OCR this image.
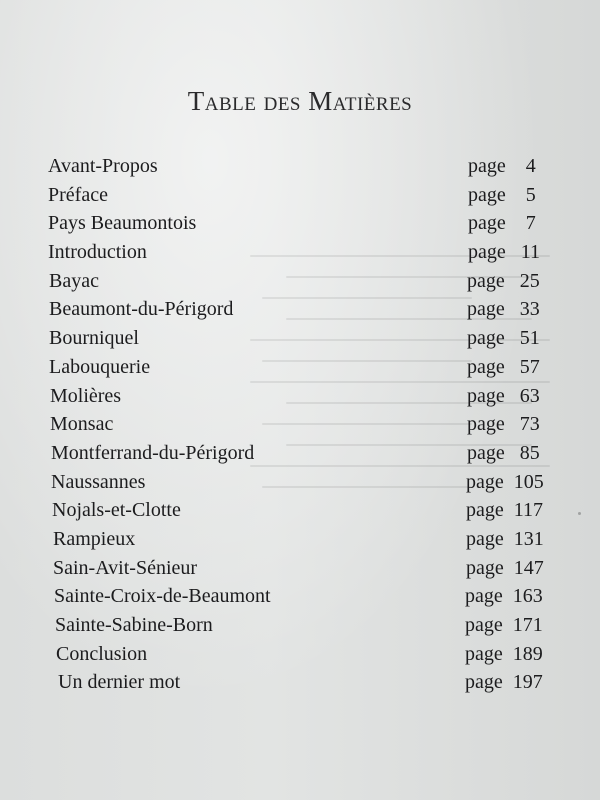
Table des Matières
Avant-Propos	page    4
Préface	page    5
Pays Beaumontois	page    7
Introduction	page   11
Bayac	page   25
Beaumont-du-Périgord	page   33
Bourniquel	page   51
Labouquerie	page   57
Molières	page   63
Monsac	page   73
Montferrand-du-Périgord	page   85
Naussannes	page  105
Nojals-et-Clotte	page  117
Rampieux	page  131
Sain-Avit-Sénieur	page  147
Sainte-Croix-de-Beaumont	page  163
Sainte-Sabine-Born	page  171
Conclusion	page  189
Un dernier mot	page  197
